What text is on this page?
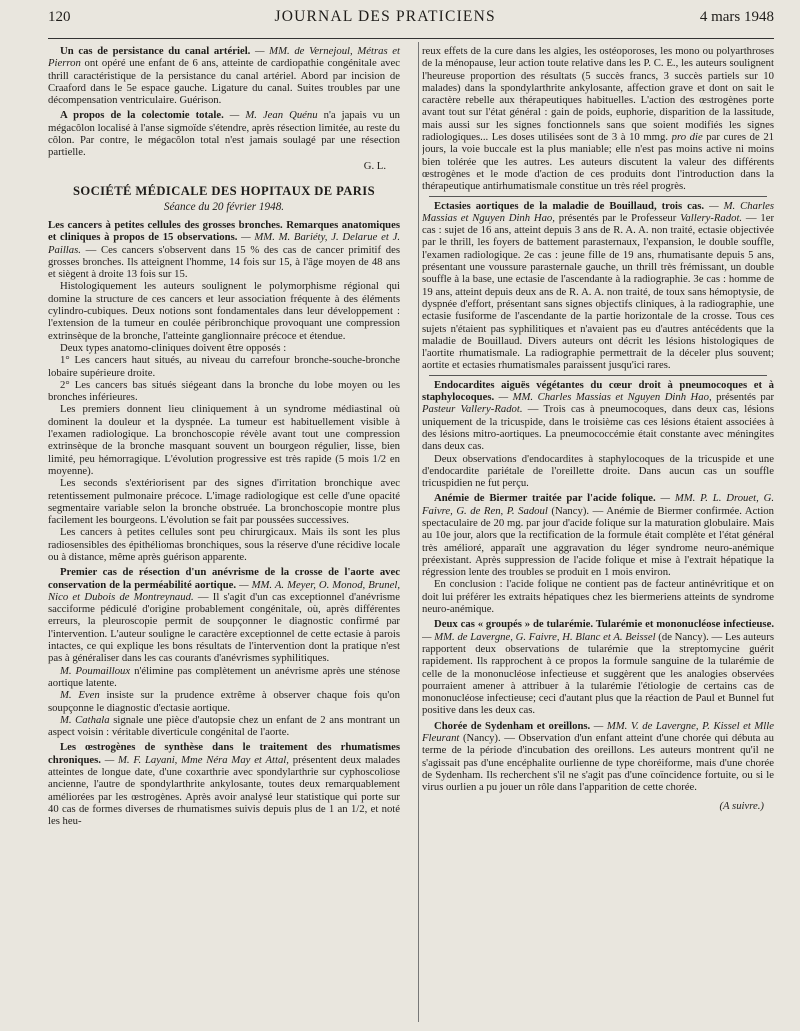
120	JOURNAL DES PRATICIENS	4 mars 1948

Un cas de persistance du canal artériel. — MM. de Vernejoul, Métras et Pierron ont opéré une enfant de 6 ans, atteinte de cardiopathie congénitale avec thrill caractéristique de la persistance du canal artériel. Abord par incision de Craaford dans le 5e espace gauche. Ligature du canal. Suites troubles par une décompensation ventriculaire. Guérison.

A propos de la colectomie totale. — M. Jean Quénu n'a japais vu un mégacôlon localisé à l'anse sigmoïde s'étendre, après résection limitée, au reste du côlon. Par contre, le mégacôlon total n'est jamais soulagé par une résection partielle.

G. L.
SOCIÉTÉ MÉDICALE DES HOPITAUX DE PARIS
Séance du 20 février 1948.

Les cancers à petites cellules des grosses bronches. Remarques anatomiques et cliniques à propos de 15 observations. — MM. M. Bariéty, J. Delarue et J. Paillas. — Ces cancers s'observent dans 15 % des cas de cancer primitif des grosses bronches. Ils atteignent l'homme, 14 fois sur 15, à l'âge moyen de 48 ans et siègent à droite 13 fois sur 15.

Histologiquement les auteurs soulignent le polymorphisme régional qui domine la structure de ces cancers et leur association fréquente à des éléments cylindro-cubiques. Deux notions sont fondamentales dans leur développement : l'extension de la tumeur en coulée péribronchique provoquant une compression extrinsèque de la bronche, l'atteinte ganglionnaire précoce et étendue.

Deux types anatomo-cliniques doivent être opposés :

1° Les cancers haut situés, au niveau du carrefour bronche-souche-bronche lobaire supérieure droite.

2° Les cancers bas situés siégeant dans la bronche du lobe moyen ou les bronches inférieures.

Les premiers donnent lieu cliniquement à un syndrome médiastinal où dominent la douleur et la dyspnée. La tumeur est habituellement visible à l'examen radiologique. La bronchoscopie révèle avant tout une compression extrinsèque de la bronche masquant souvent un bourgeon régulier, lisse, bien limité, peu hémorragique. L'évolution progressive est très rapide (5 mois 1/2 en moyenne).

Les seconds s'extériorisent par des signes d'irritation bronchique avec retentissement pulmonaire précoce. L'image radiologique est celle d'une opacité segmentaire variable selon la bronche obstruée. La bronchoscopie montre plus facilement les bourgeons. L'évolution se fait par poussées successives.

Les cancers à petites cellules sont peu chirurgicaux. Mais ils sont les plus radiosensibles des épithéliomas bronchiques, sous la réserve d'une récidive locale ou à distance, même après guérison apparente.

Premier cas de résection d'un anévrisme de la crosse de l'aorte avec conservation de la perméabilité aortique. — MM. A. Meyer, O. Monod, Brunel, Nico et Dubois de Montreynaud. — Il s'agit d'un cas exceptionnel d'anévrisme sacciforme pédiculé d'origine probablement congénitale, où, après différentes erreurs, la pleuroscopie permit de soupçonner le diagnostic confirmé par l'intervention. L'auteur souligne le caractère exceptionnel de cette ectasie à parois intactes, ce qui explique les bons résultats de l'intervention dont la pratique n'est pas à généraliser dans les cas courants d'anévrismes syphilitiques.

M. Poumailloux n'élimine pas complètement un anévrisme après une sténose aortique latente.

M. Even insiste sur la prudence extrême à observer chaque fois qu'on soupçonne le diagnostic d'ectasie aortique.

M. Cathala signale une pièce d'autopsie chez un enfant de 2 ans montrant un aspect voisin : véritable diverticule congénital de l'aorte.

Les œstrogènes de synthèse dans le traitement des rhumatismes chroniques. — M. F. Layani, Mme Néra May et Attal, présentent deux malades atteintes de longue date, d'une coxarthrie avec spondylarthrie sur cyphoscoliose ancienne, l'autre de spondylarthrite ankylosante, toutes deux remarquablement améliorées par les œstrogènes. Après avoir analysé leur statistique qui porte sur 40 cas de formes diverses de rhumatismes suivis depuis plus de 1 an 1/2, et noté les heu-

reux effets de la cure dans les algies, les ostéoporoses, les mono ou polyarthroses de la ménopause, leur action toute relative dans les P. C. E., les auteurs soulignent l'heureuse proportion des résultats (5 succès francs, 3 succès partiels sur 10 malades) dans la spondylarthrite ankylosante, affection grave et dont on sait le caractère rebelle aux thérapeutiques habituelles. L'action des œstrogènes porte avant tout sur l'état général : gain de poids, euphorie, disparition de la lassitude, mais aussi sur les signes fonctionnels sans que soient modifiés les signes radiologiques... Les doses utilisées sont de 3 à 10 mmg. pro die par cures de 21 jours, la voie buccale est la plus maniable; elle n'est pas moins active ni moins bien tolérée que les autres. Les auteurs discutent la valeur des différents œstrogènes et le mode d'action de ces produits dont l'introduction dans la thérapeutique antirhumatismale constitue un très réel progrès.

Ectasies aortiques de la maladie de Bouillaud, trois cas. — M. Charles Massias et Nguyen Dinh Hao, présentés par le Professeur Vallery-Radot. — 1er cas : sujet de 16 ans, atteint depuis 3 ans de R. A. A. non traité, ectasie objectivée par le thrill, les foyers de battement parasternaux, l'expansion, le double souffle, l'examen radiologique. 2e cas : jeune fille de 19 ans, rhumatisante depuis 5 ans, présentant une voussure parasternale gauche, un thrill très frémissant, un double souffle à la base, une ectasie de l'ascendante à la radiographie. 3e cas : homme de 19 ans, atteint depuis deux ans de R. A. A. non traité, de toux sans hémoptysie, de dyspnée d'effort, présentant sans signes objectifs cliniques, à la radiographie, une ectasie fusiforme de l'ascendante de la partie horizontale de la crosse. Tous ces sujets n'étaient pas syphilitiques et n'avaient pas eu d'autres antécédents que la maladie de Bouillaud. Divers auteurs ont décrit les lésions histologiques de l'aortite rhumatismale. La radiographie permettrait de la déceler plus souvent; aortite et ectasies rhumatismales paraissent jusqu'ici rares.

Endocardites aiguës végétantes du cœur droit à pneumocoques et à staphylocoques. — MM. Charles Massias et Nguyen Dinh Hao, présentés par Pasteur Vallery-Radot. — Trois cas à pneumocoques, dans deux cas, lésions uniquement de la tricuspide, dans le troisième cas ces lésions étaient associées à des lésions mitro-aortiques. La pneumococcémie était constante avec méningites dans deux cas.

Deux observations d'endocardites à staphylocoques de la tricuspide et une d'endocardite pariétale de l'oreillette droite. Dans aucun cas un souffle tricuspidien ne fut perçu.

Anémie de Biermer traitée par l'acide folique. — MM. P. L. Drouet, G. Faivre, G. de Ren, P. Sadoul (Nancy). — Anémie de Biermer confirmée. Action spectaculaire de 20 mg. par jour d'acide folique sur la maturation globulaire. Mais au 10e jour, alors que la rectification de la formule était complète et l'état général très amélioré, apparaît une aggravation du léger syndrome neuro-anémique préexistant. Après suppression de l'acide folique et mise à l'extrait hépatique la régression lente des troubles se produit en 1 mois environ.

En conclusion : l'acide folique ne contient pas de facteur antinévritique et on doit lui préférer les extraits hépatiques chez les biermeriens atteints de syndrome neuro-anémique.

Deux cas « groupés » de tularémie. Tularémie et mononucléose infectieuse. — MM. de Lavergne, G. Faivre, H. Blanc et A. Beissel (de Nancy). — Les auteurs rapportent deux observations de tularémie que la streptomycine guérit rapidement. Ils rapprochent à ce propos la formule sanguine de la tularémie de celle de la mononucléose infectieuse et suggèrent que les analogies observées pourraient amener à attribuer à la tularémie l'étiologie de certains cas de mononucléose infectieuse; ceci d'autant plus que la réaction de Paul et Bunnel fut positive dans les deux cas.

Chorée de Sydenham et oreillons. — MM. V. de Lavergne, P. Kissel et Mlle Fleurant (Nancy). — Observation d'un enfant atteint d'une chorée qui débuta au terme de la période d'incubation des oreillons. Les auteurs montrent qu'il ne s'agissait pas d'une encéphalite ourlienne de type choréiforme, mais d'une chorée de Sydenham. Ils recherchent s'il ne s'agit pas d'une coïncidence fortuite, ou si le virus ourlien a pu jouer un rôle dans l'apparition de cette chorée.

(A suivre.)
